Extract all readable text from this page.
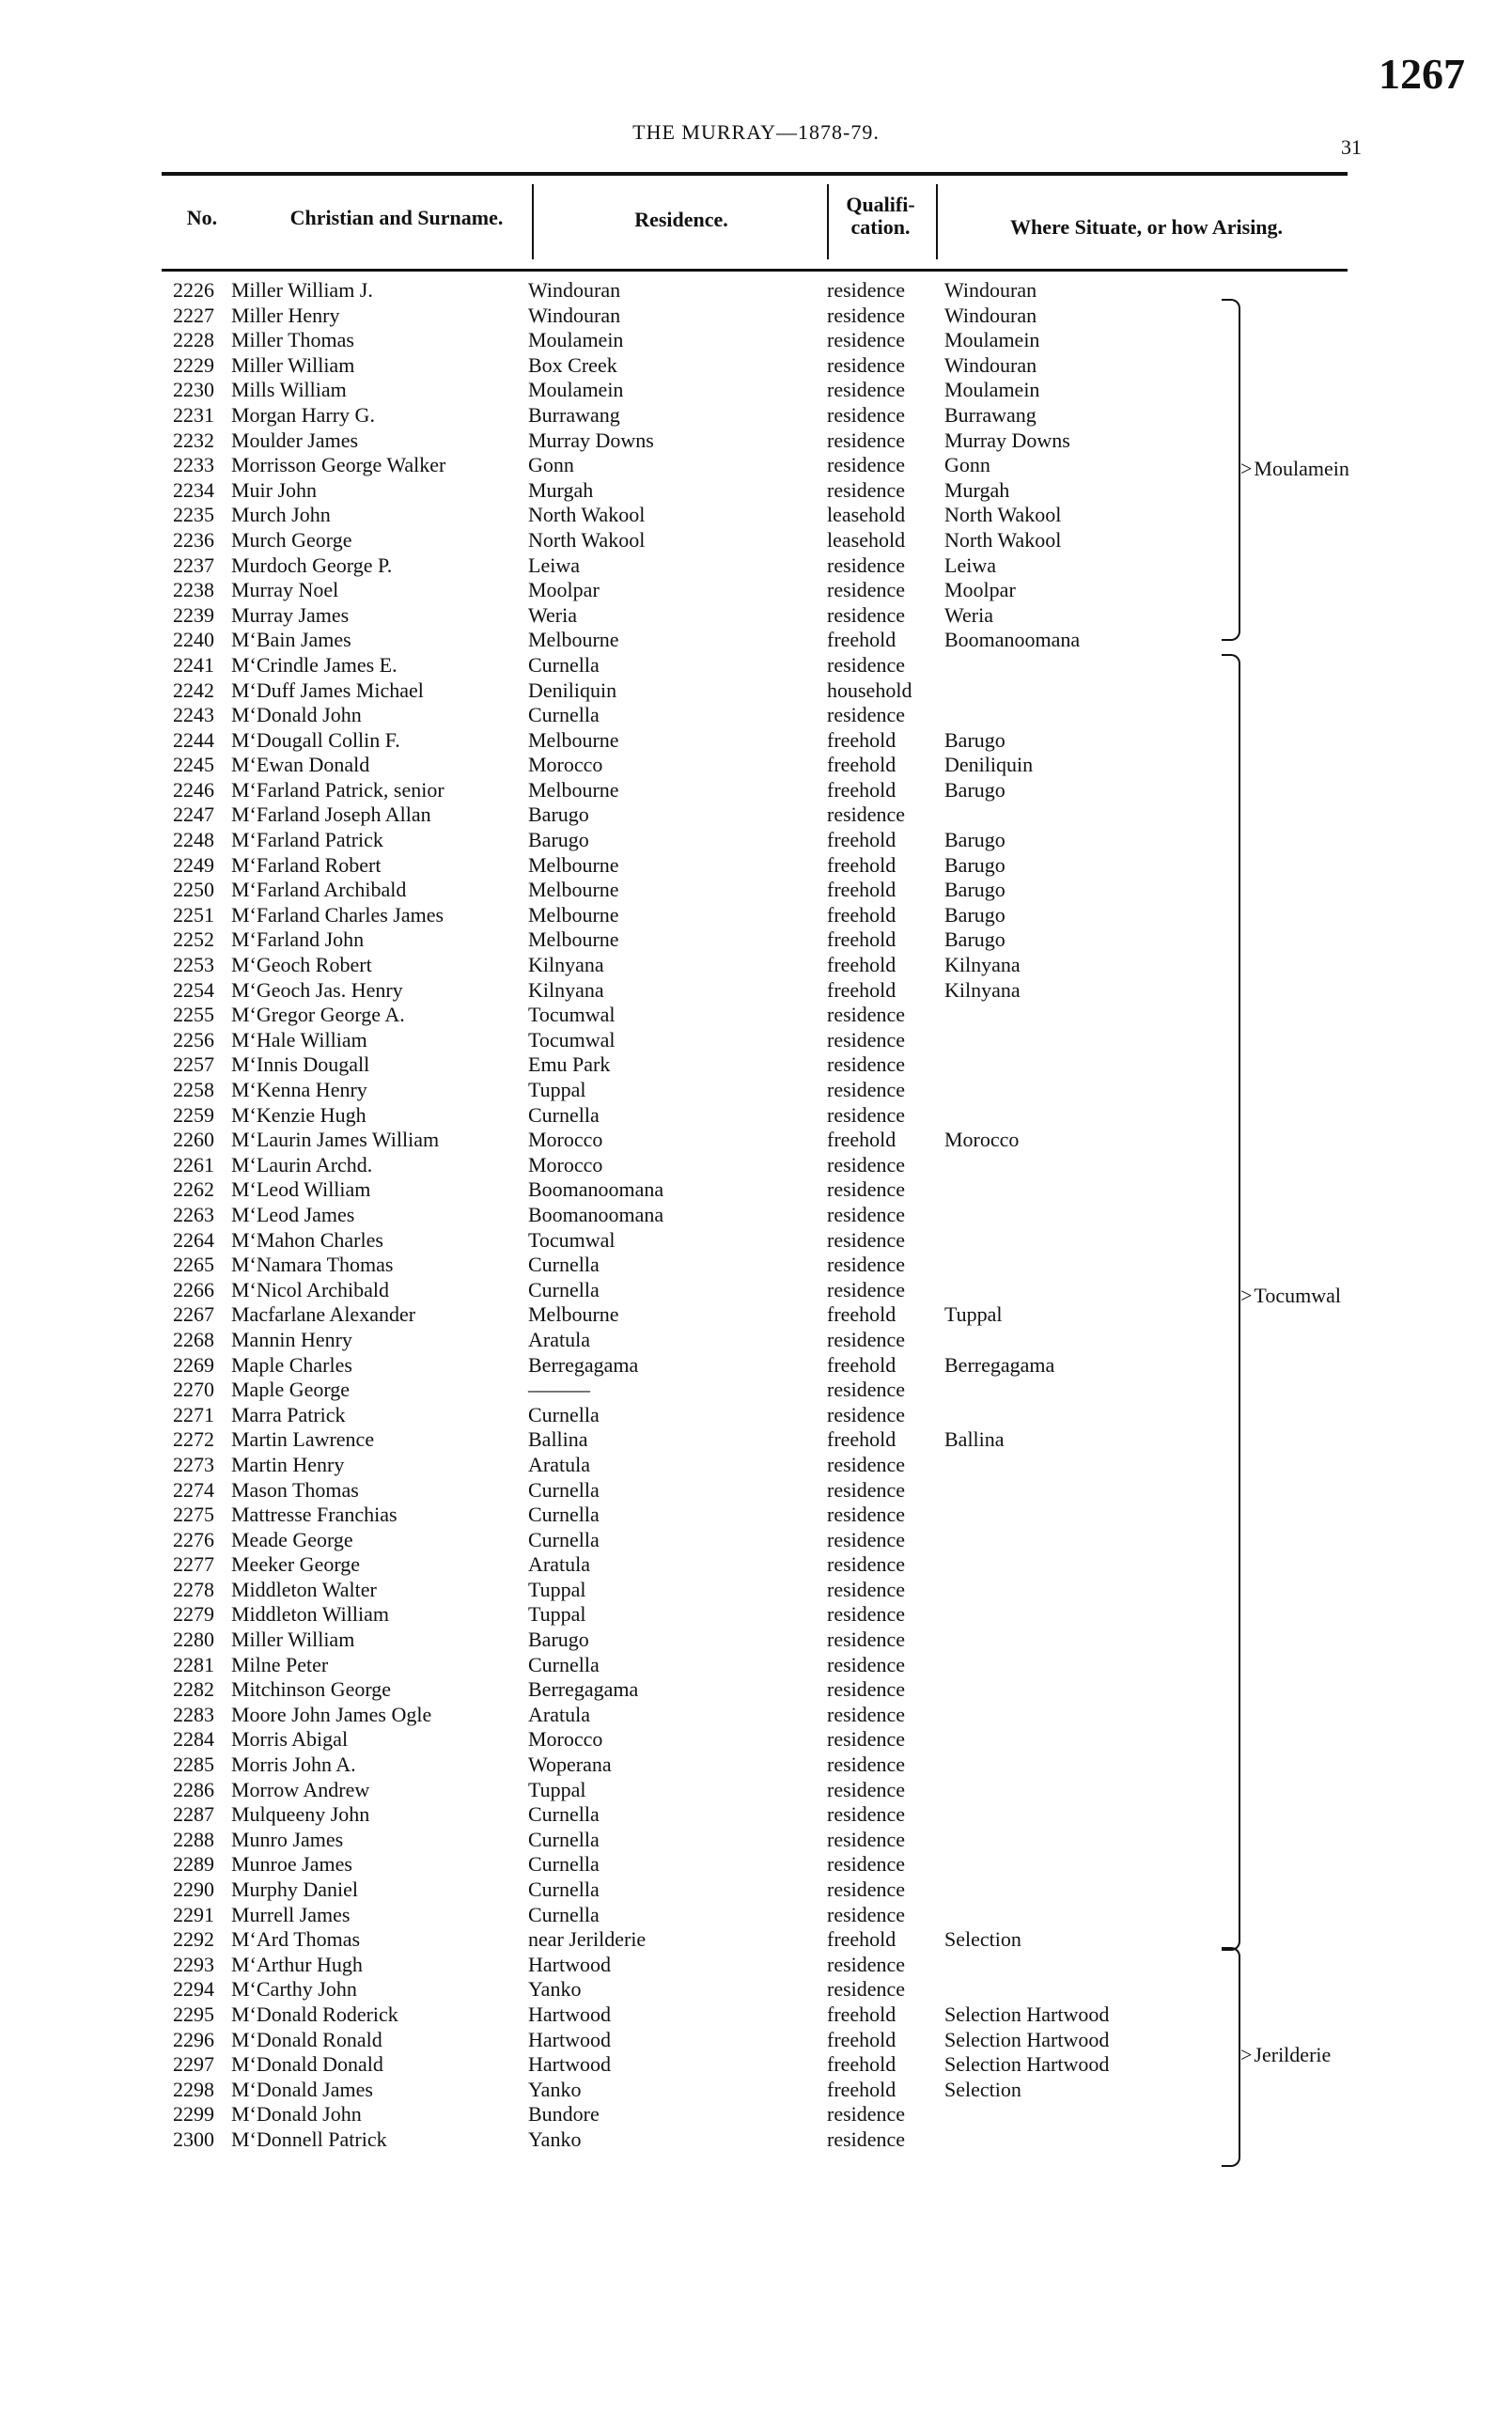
1267
THE MURRAY—1878-79.
31
No.	Christian and Surname.	Residence.
Qualifi-cation.	Where Situate, or how Arising.
2226 Miller William J.	Windouran	residence Windouran
2227 Miller Henry	Windouran	residence Windouran
2228 Miller Thomas	Moulamein	residence Moulamein
2229 Miller William	Box Creek	residence Windouran
2230 Mills William	Moulamein	residence Moulamein
2231 Morgan Harry G.	Burrawang	residence Burrawang
2232 Moulder James	Murray Downs	residence Murray Downs
2233 Morrisson George Walker	Gonn	residence Gonn
2234 Muir John	Murgah	residence Murgah
2235 Murch John	North Wakool	leasehold North Wakool
2236 Murch George	North Wakool	leasehold North Wakool
2237 Murdoch George P.	Leiwa	residence Leiwa
2238 Murray Noel	Moolpar	residence Moolpar
2239 Murray James	Weria	residence Weria
2240 MʻBain James	Melbourne	freehold Boomanoomana
2241 MʻCrindle James E.	Curnella	residence
2242 MʻDuff James Michael	Deniliquin	household
2243 MʻDonald John	Curnella	residence
2244 MʻDougall Collin F.	Melbourne	freehold Barugo
2245 MʻEwan Donald	Morocco	freehold Deniliquin
2246 MʻFarland Patrick, senior	Melbourne	freehold Barugo
2247 MʻFarland Joseph Allan	Barugo	residence
2248 MʻFarland Patrick	Barugo	freehold Barugo
2249 MʻFarland Robert	Melbourne	freehold Barugo
2250 MʻFarland Archibald	Melbourne	freehold Barugo
2251 MʻFarland Charles James	Melbourne	freehold Barugo
2252 MʻFarland John	Melbourne	freehold Barugo
2253 MʻGeoch Robert	Kilnyana	freehold Kilnyana
2254 MʻGeoch Jas. Henry	Kilnyana	freehold Kilnyana
2255 MʻGregor George A.	Tocumwal	residence
2256 MʻHale William	Tocumwal	residence
2257 MʻInnis Dougall	Emu Park	residence
2258 MʻKenna Henry	Tuppal	residence
2259 MʻKenzie Hugh	Curnella	residence
2260 MʻLaurin James William	Morocco	freehold Morocco
2261 MʻLaurin Archd.	Morocco	residence
2262 MʻLeod William	Boomanoomana	residence
2263 MʻLeod James	Boomanoomana	residence
2264 MʻMahon Charles	Tocumwal	residence
2265 MʻNamara Thomas	Curnella	residence
2266 MʻNicol Archibald	Curnella	residence
2267 Macfarlane Alexander	Melbourne	freehold Tuppal
2268 Mannin Henry	Aratula	residence
2269 Maple Charles	Berregagama	freehold Berregagama
2270 Maple George	———	residence
2271 Marra Patrick	Curnella	residence
2272 Martin Lawrence	Ballina	freehold Ballina
2273 Martin Henry	Aratula	residence
2274 Mason Thomas	Curnella	residence
2275 Mattresse Franchias	Curnella	residence
2276 Meade George	Curnella	residence
2277 Meeker George	Aratula	residence
2278 Middleton Walter	Tuppal	residence
2279 Middleton William	Tuppal	residence
2280 Miller William	Barugo	residence
2281 Milne Peter	Curnella	residence
2282 Mitchinson George	Berregagama	residence
2283 Moore John James Ogle	Aratula	residence
2284 Morris Abigal	Morocco	residence
2285 Morris John A.	Woperana	residence
2286 Morrow Andrew	Tuppal	residence
2287 Mulqueeny John	Curnella	residence
2288 Munro James	Curnella	residence
2289 Munroe James	Curnella	residence
2290 Murphy Daniel	Curnella	residence
2291 Murrell James	Curnella	residence
2292 MʻArd Thomas	near Jerilderie	freehold Selection
2293 MʻArthur Hugh	Hartwood	residence
2294 MʻCarthy John	Yanko	residence
2295 MʻDonald Roderick	Hartwood	freehold Selection Hartwood
2296 MʻDonald Ronald	Hartwood	freehold Selection Hartwood
2297 MʻDonald Donald	Hartwood	freehold Selection Hartwood
2298 MʻDonald James	Yanko	freehold Selection
2299 MʻDonald John	Bundore	residence
2300 MʻDonnell Patrick	Yanko	residence
> Moulamein
> Tocumwal
> Jerilderie
